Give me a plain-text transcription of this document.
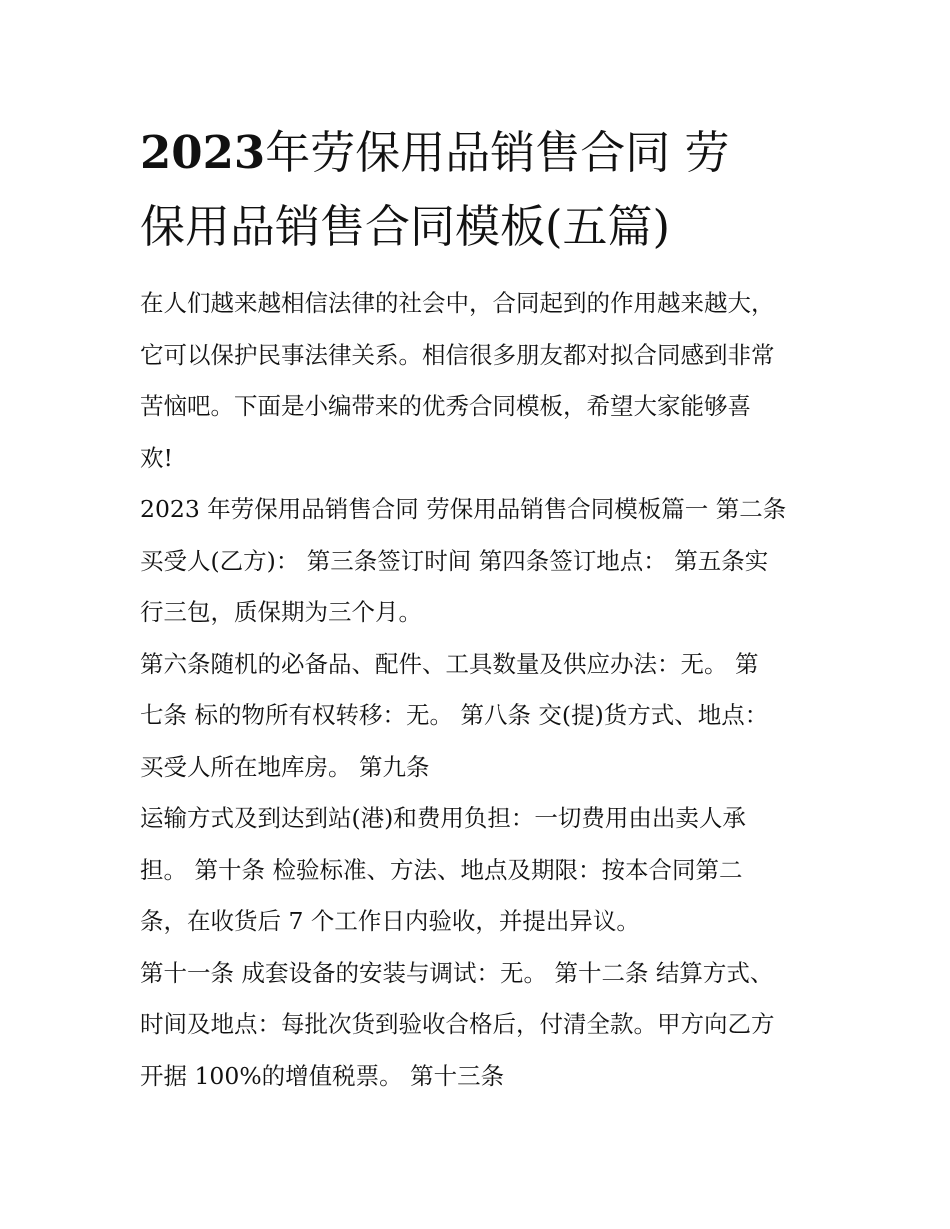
2023年劳保用品销售合同 劳
保用品销售合同模板(五篇)

在人们越来越相信法律的社会中，合同起到的作用越来越大，
它可以保护民事法律关系。相信很多朋友都对拟合同感到非常
苦恼吧。下面是小编带来的优秀合同模板，希望大家能够喜
欢!

2023 年劳保用品销售合同 劳保用品销售合同模板篇一 第二条
买受人(乙方)： 第三条签订时间 第四条签订地点： 第五条实
行三包，质保期为三个月。

第六条随机的必备品、配件、工具数量及供应办法：无。 第
七条 标的物所有权转移：无。 第八条 交(提)货方式、地点：
买受人所在地库房。 第九条

运输方式及到达到站(港)和费用负担：一切费用由出卖人承
担。 第十条 检验标准、方法、地点及期限：按本合同第二
条，在收货后 7 个工作日内验收，并提出异议。

第十一条 成套设备的安装与调试：无。 第十二条 结算方式、
时间及地点：每批次货到验收合格后，付清全款。甲方向乙方
开据 100%的增值税票。 第十三条
